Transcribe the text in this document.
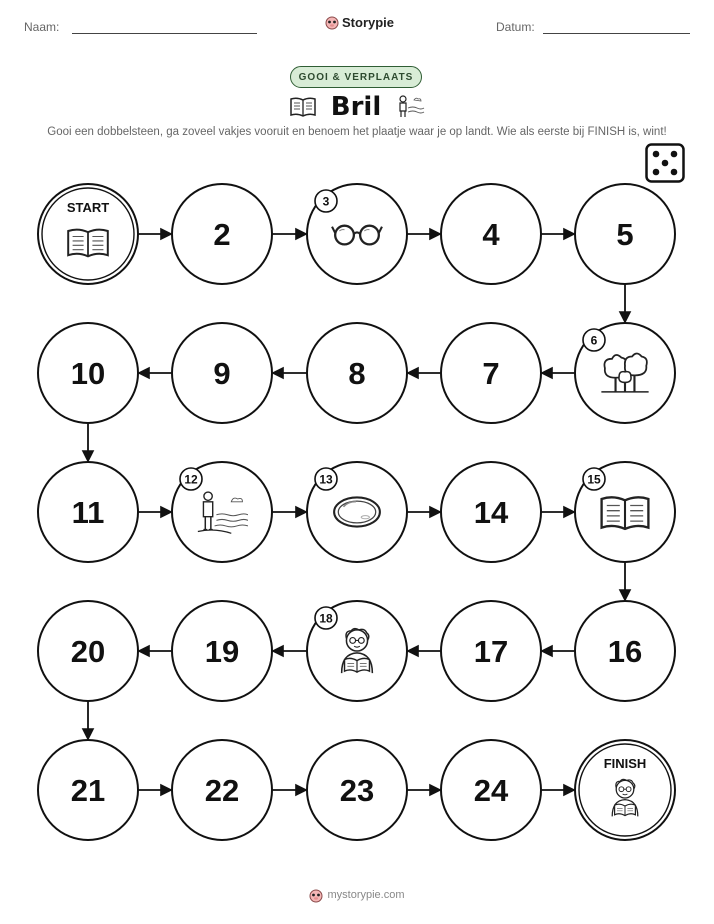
Naam:	Storypie	Datum:
GOOI & VERPLAATS
Bril
Gooi een dobbelsteen, ga zoveel vakjes vooruit en benoem het plaatje waar je op landt. Wie als eerste bij FINISH is, wint!
START
2
3
4	5
6
7
8
9
10
11
12	13
14
15
16
17
18
19
20
21	22	23	24
FINISH
mystorypie.com
